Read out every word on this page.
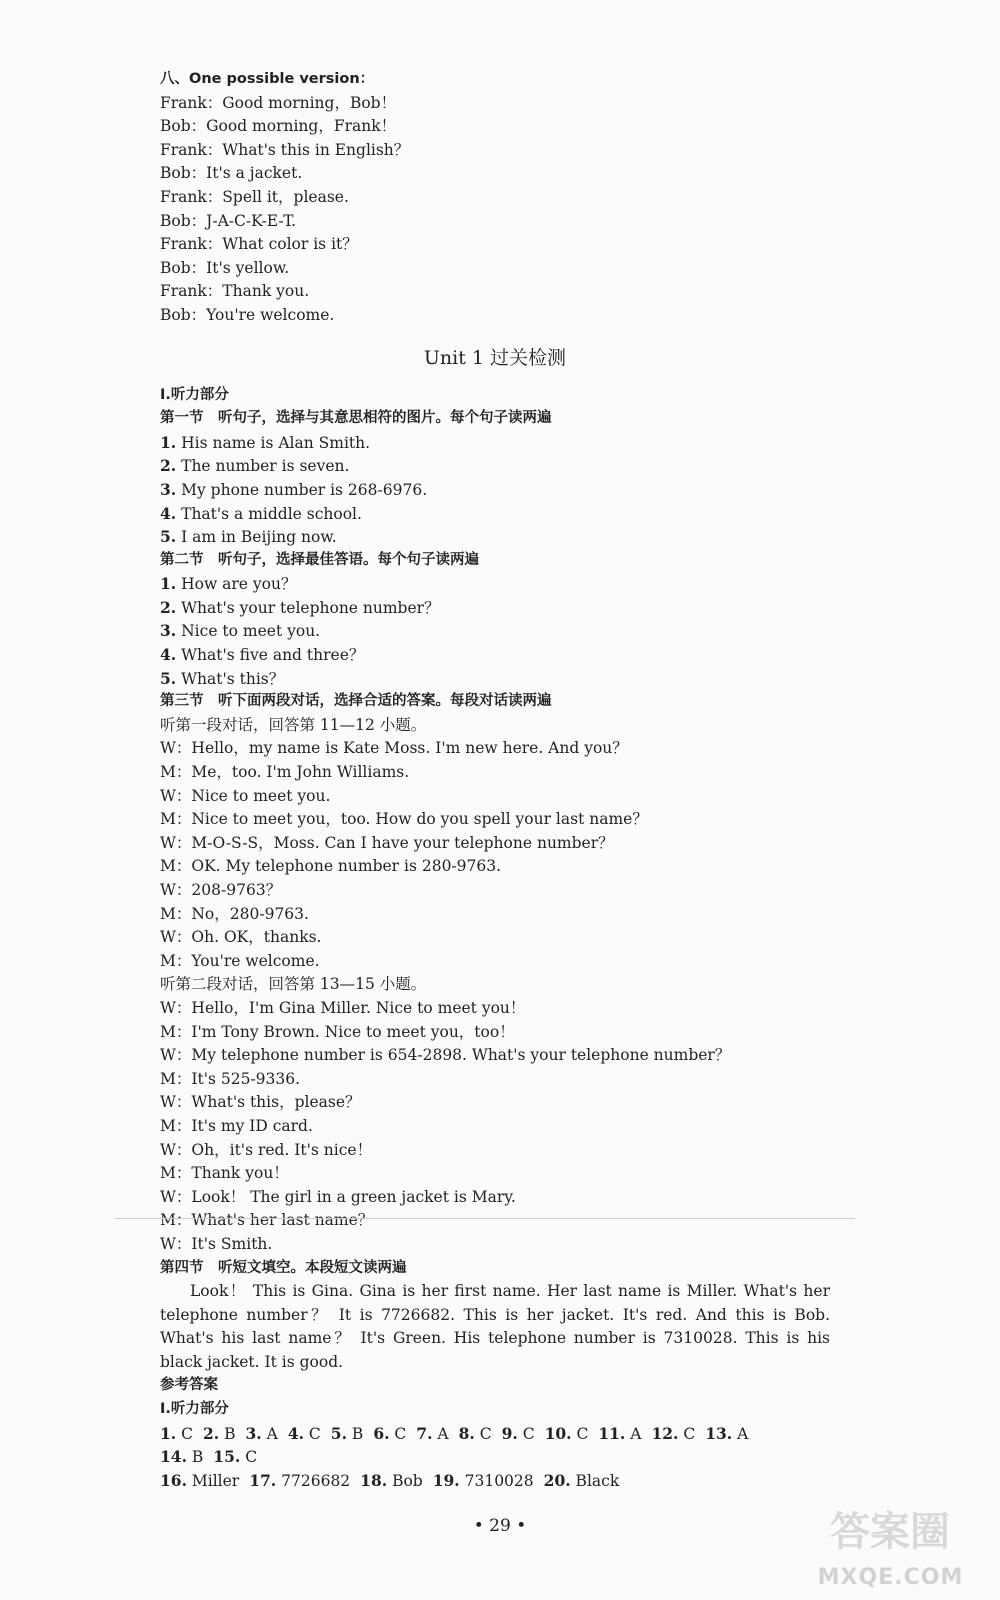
八、One possible version：
Frank：Good morning，Bob！
Bob：Good morning，Frank！
Frank：What's this in English？
Bob：It's a jacket.
Frank：Spell it，please.
Bob：J-A-C-K-E-T.
Frank：What color is it？
Bob：It's yellow.
Frank：Thank you.
Bob：You're welcome.
Unit 1 过关检测
Ⅰ.听力部分
第一节　听句子，选择与其意思相符的图片。每个句子读两遍
1. His name is Alan Smith.
2. The number is seven.
3. My phone number is 268-6976.
4. That's a middle school.
5. I am in Beijing now.
第二节　听句子，选择最佳答语。每个句子读两遍
1. How are you？
2. What's your telephone number？
3. Nice to meet you.
4. What's five and three？
5. What's this？
第三节　听下面两段对话，选择合适的答案。每段对话读两遍
听第一段对话，回答第 11—12 小题。
W：Hello，my name is Kate Moss. I'm new here. And you？
M：Me，too. I'm John Williams.
W：Nice to meet you.
M：Nice to meet you，too. How do you spell your last name？
W：M-O-S-S，Moss. Can I have your telephone number？
M：OK. My telephone number is 280-9763.
W：208-9763？
M：No，280-9763.
W：Oh. OK，thanks.
M：You're welcome.
听第二段对话，回答第 13—15 小题。
W：Hello，I'm Gina Miller. Nice to meet you！
M：I'm Tony Brown. Nice to meet you，too！
W：My telephone number is 654-2898. What's your telephone number？
M：It's 525-9336.
W：What's this，please？
M：It's my ID card.
W：Oh，it's red. It's nice！
M：Thank you！
W：Look！ The girl in a green jacket is Mary.
M：What's her last name？
W：It's Smith.
第四节　听短文填空。本段短文读两遍
Look！ This is Gina. Gina is her first name. Her last name is Miller. What's her telephone number？ It is 7726682. This is her jacket. It's red. And this is Bob. What's his last name？ It's Green. His telephone number is 7310028. This is his black jacket. It is good.
参考答案
Ⅰ.听力部分
1. C 2. B 3. A 4. C 5. B 6. C 7. A 8. C 9. C 10. C 11. A 12. C 13. A
14. B 15. C
16. Miller 17. 7726682 18. Bob 19. 7310028 20. Black
• 29 •	答案圈
MXQE.COM
